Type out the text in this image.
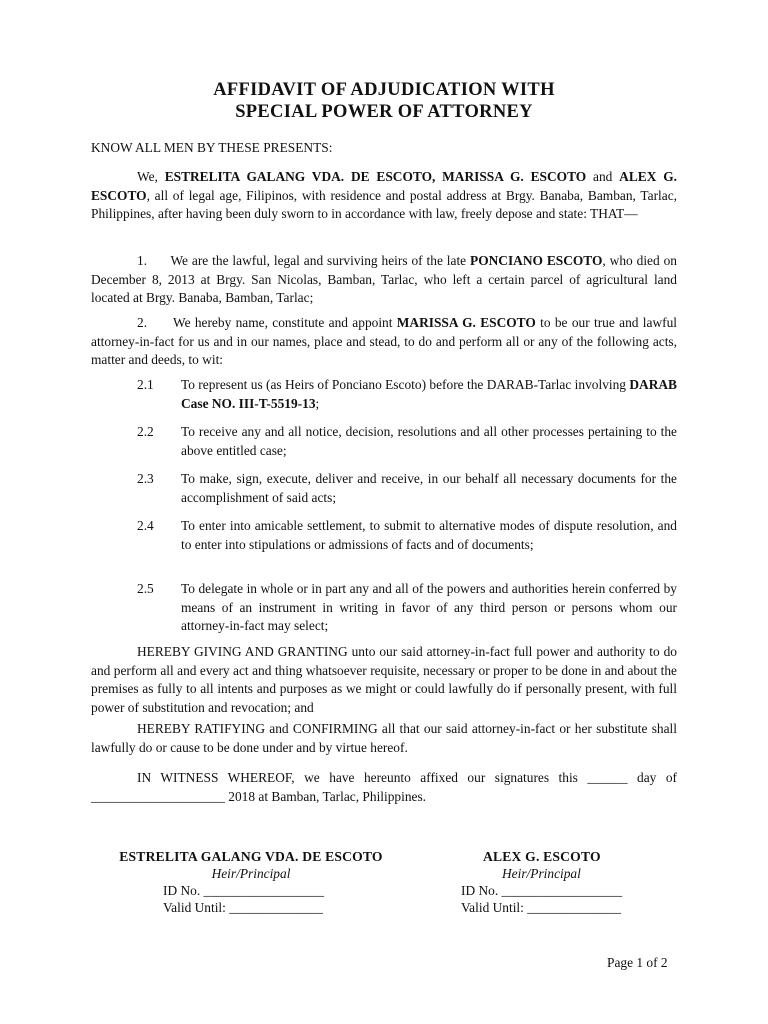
AFFIDAVIT OF ADJUDICATION WITH
SPECIAL POWER OF ATTORNEY

KNOW ALL MEN BY THESE PRESENTS:

We, ESTRELITA GALANG VDA. DE ESCOTO, MARISSA G. ESCOTO and ALEX G. ESCOTO, all of legal age, Filipinos, with residence and postal address at Brgy. Banaba, Bamban, Tarlac, Philippines, after having been duly sworn to in accordance with law, freely depose and state: THAT—

1. We are the lawful, legal and surviving heirs of the late PONCIANO ESCOTO, who died on December 8, 2013 at Brgy. San Nicolas, Bamban, Tarlac, who left a certain parcel of agricultural land located at Brgy. Banaba, Bamban, Tarlac;

2. We hereby name, constitute and appoint MARISSA G. ESCOTO to be our true and lawful attorney-in-fact for us and in our names, place and stead, to do and perform all or any of the following acts, matter and deeds, to wit:

2.1	To represent us (as Heirs of Ponciano Escoto) before the DARAB-Tarlac involving DARAB Case NO. III-T-5519-13;
2.2	To receive any and all notice, decision, resolutions and all other processes pertaining to the above entitled case;
2.3	To make, sign, execute, deliver and receive, in our behalf all necessary documents for the accomplishment of said acts;
2.4	To enter into amicable settlement, to submit to alternative modes of dispute resolution, and to enter into stipulations or admissions of facts and of documents;
2.5	To delegate in whole or in part any and all of the powers and authorities herein conferred by means of an instrument in writing in favor of any third person or persons whom our attorney-in-fact may select;

HEREBY GIVING AND GRANTING unto our said attorney-in-fact full power and authority to do and perform all and every act and thing whatsoever requisite, necessary or proper to be done in and about the premises as fully to all intents and purposes as we might or could lawfully do if personally present, with full power of substitution and revocation; and

HEREBY RATIFYING and CONFIRMING all that our said attorney-in-fact or her substitute shall lawfully do or cause to be done under and by virtue hereof.

IN WITNESS WHEREOF, we have hereunto affixed our signatures this ______ day of ____________________ 2018 at Bamban, Tarlac, Philippines.

ESTRELITA GALANG VDA. DE ESCOTO
Heir/Principal
ID No. __________________
Valid Until: ______________
ALEX G. ESCOTO
Heir/Principal
ID No. __________________
Valid Until: ______________
Page 1 of 2
